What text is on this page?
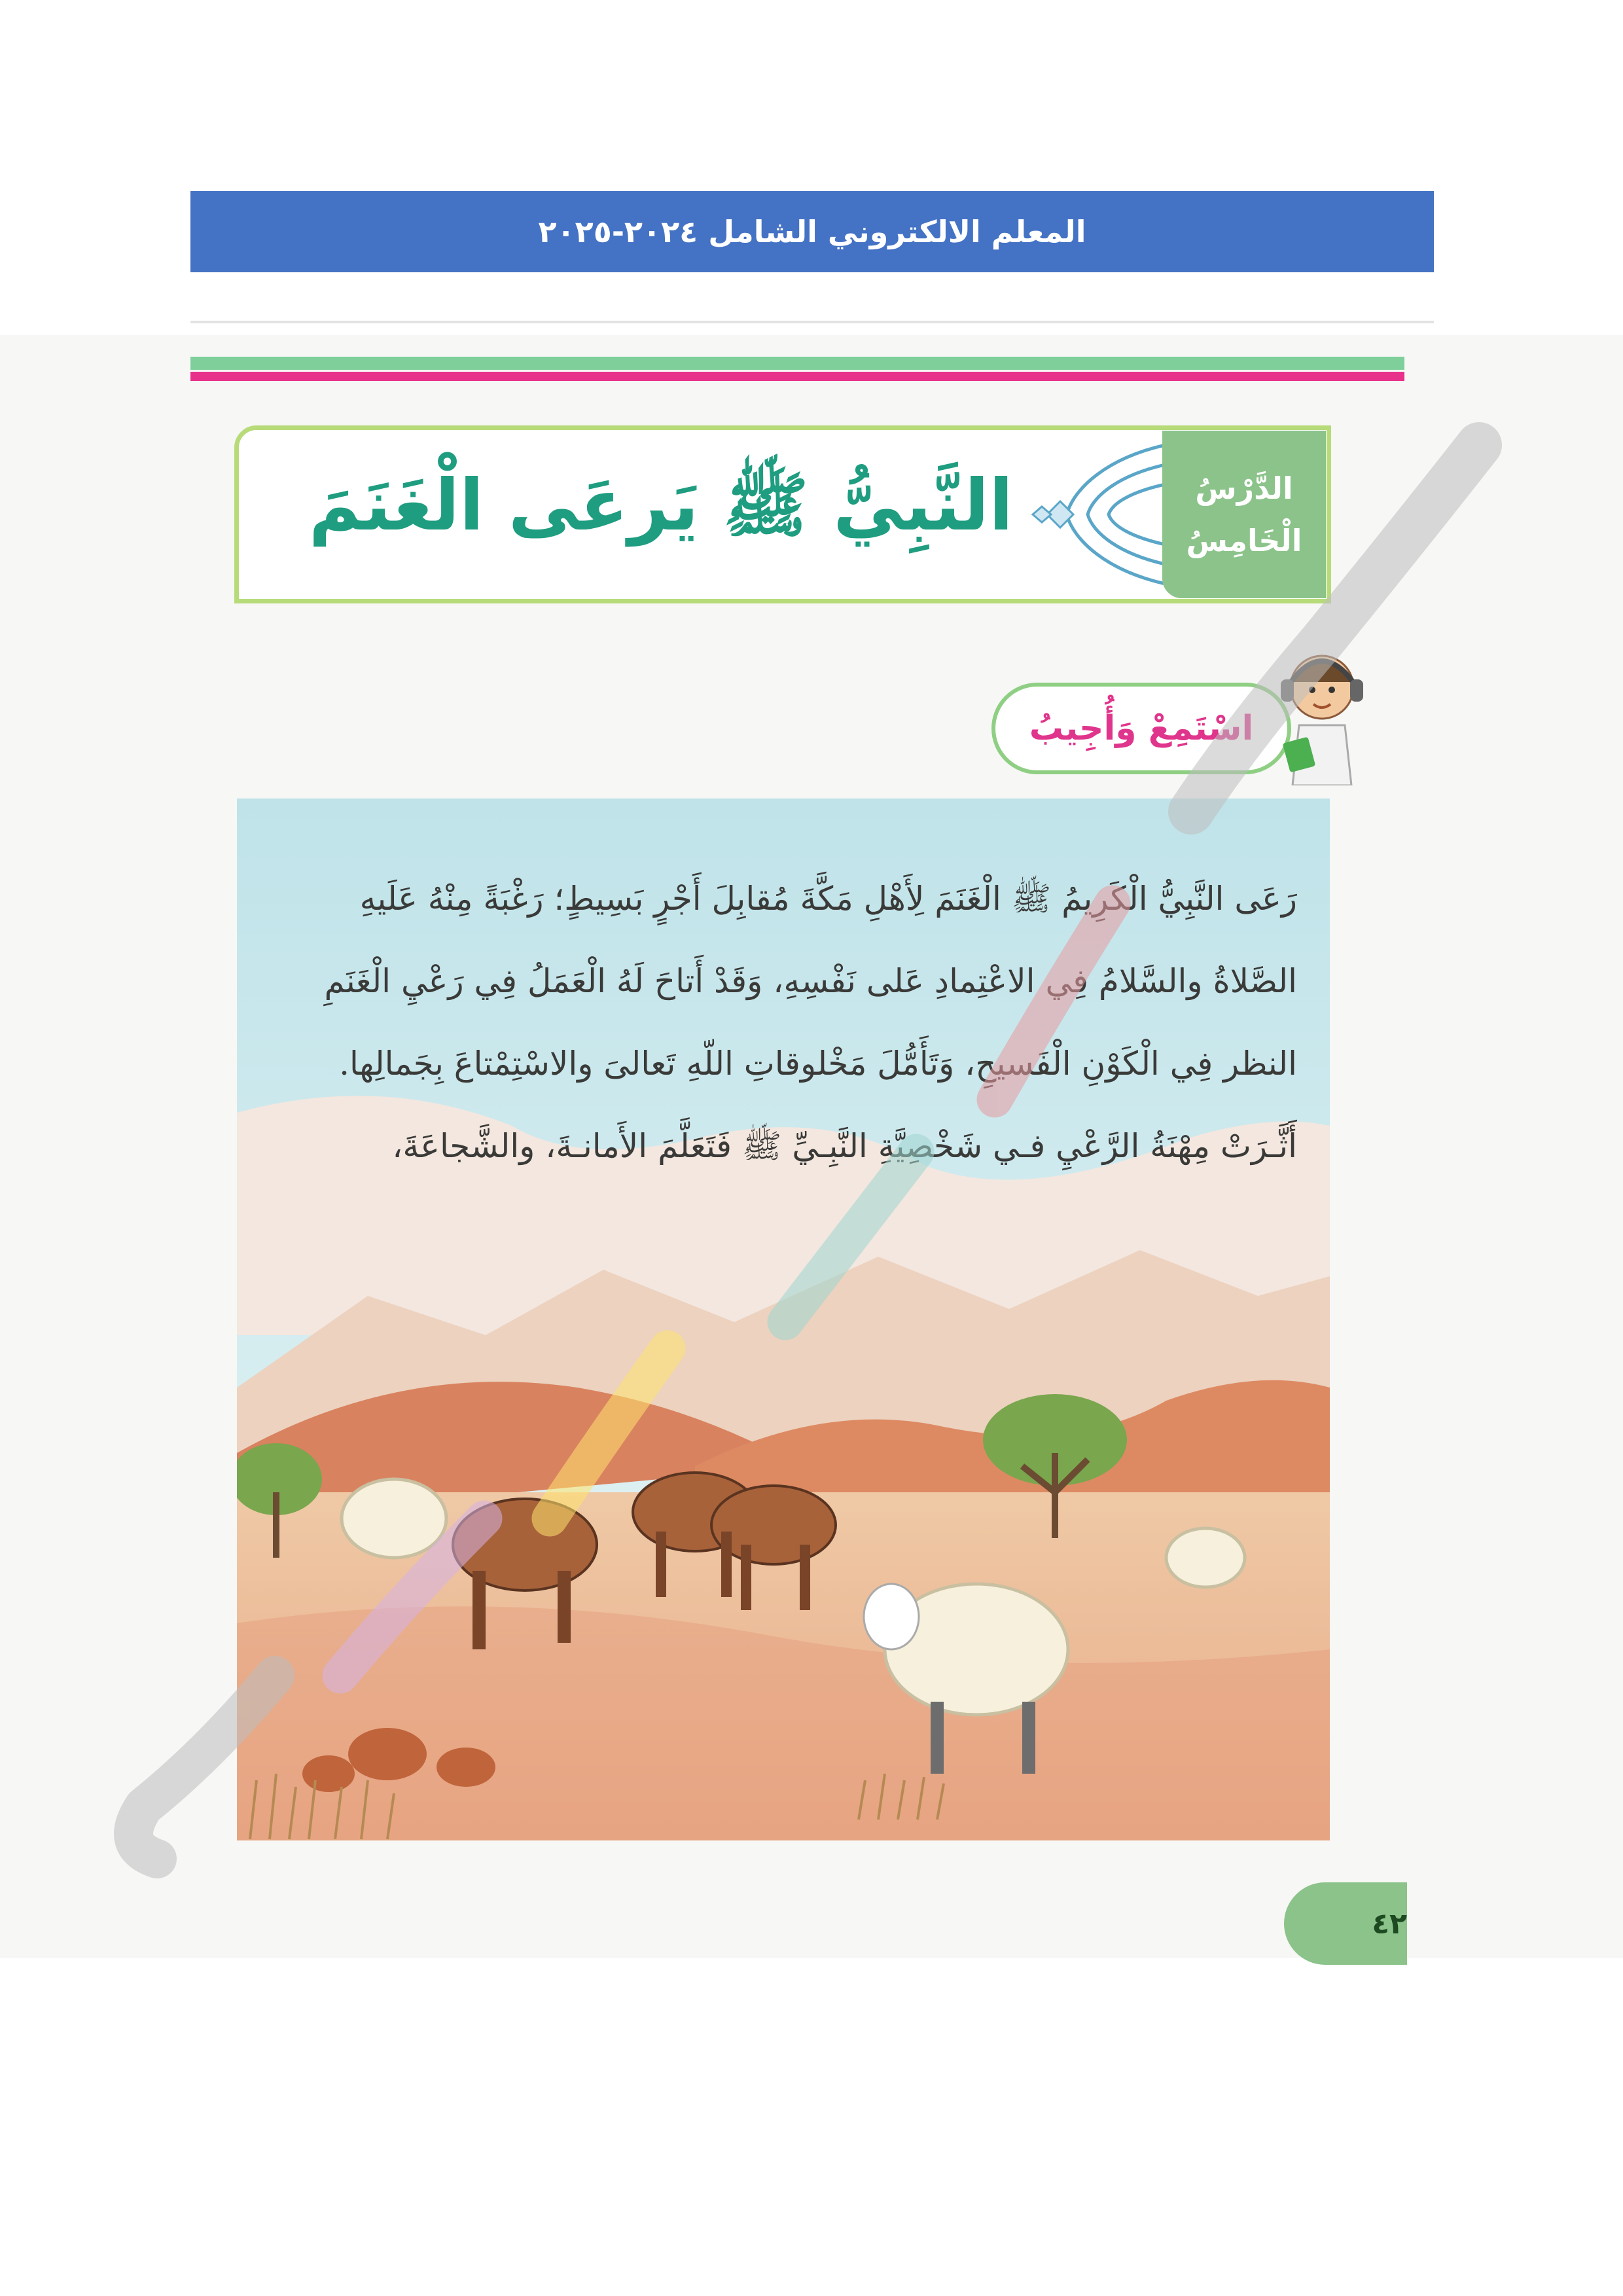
المعلم الالكتروني الشامل ٢٠٢٤-٢٠٢٥
النَّبِيُّ ﷺ يَرعَى الْغَنَمَ	الدَّرْسُ
الْخَامِسُ
اسْتَمِعْ وَأُجِيبُ
رَعَى النَّبِيُّ الْكَرِيمُ ﷺ الْغَنَمَ لِأَهْلِ مَكَّةَ مُقابِلَ أَجْرٍ بَسِيطٍ؛ رَغْبَةً مِنْهُ عَلَيهِ
الصَّلاةُ والسَّلامُ فِي الاعْتِمادِ عَلى نَفْسِهِ، وَقَدْ أَتاحَ لَهُ الْعَمَلُ فِي رَعْيِ الْغَنَمِ
النظر فِي الْكَوْنِ الْفَسيحِ، وَتَأَمُّلَ مَخْلوقاتِ اللّهِ تَعالىَ والاسْتِمْتاعَ بِجَمالِها.
أَثَّـرَتْ مِهْنَةُ الرَّعْيِ فـي شَخْصِيَّةِ النَّبِـيِّ ﷺ فَتَعَلَّمَ الأَمانـةَ، والشَّجاعَةَ،
٤٢
